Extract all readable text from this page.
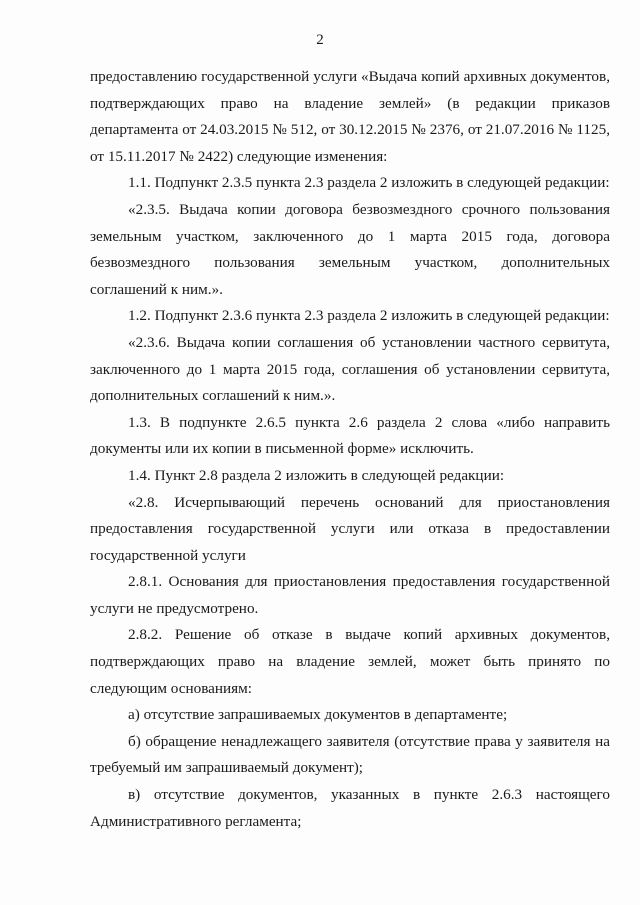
2
предоставлению государственной услуги «Выдача копий архивных документов,
подтверждающих право на владение землей» (в редакции приказов
департамента от 24.03.2015 № 512, от 30.12.2015 № 2376, от 21.07.2016 № 1125,
от 15.11.2017 № 2422) следующие изменения:
1.1. Подпункт 2.3.5 пункта 2.3 раздела 2 изложить в следующей редакции:
«2.3.5. Выдача копии договора безвозмездного срочного пользования
земельным участком, заключенного до 1 марта 2015 года, договора
безвозмездного пользования земельным участком, дополнительных
соглашений к ним.».
1.2. Подпункт 2.3.6 пункта 2.3 раздела 2 изложить в следующей редакции:
«2.3.6. Выдача копии соглашения об установлении частного сервитута,
заключенного до 1 марта 2015 года, соглашения об установлении сервитута,
дополнительных соглашений к ним.».
1.3. В подпункте 2.6.5 пункта 2.6 раздела 2 слова «либо направить
документы или их копии в письменной форме» исключить.
1.4. Пункт 2.8 раздела 2 изложить в следующей редакции:
«2.8. Исчерпывающий перечень оснований для приостановления
предоставления государственной услуги или отказа в предоставлении
государственной услуги
2.8.1. Основания для приостановления предоставления государственной
услуги не предусмотрено.
2.8.2. Решение об отказе в выдаче копий архивных документов,
подтверждающих право на владение землей, может быть принято по
следующим основаниям:
а) отсутствие запрашиваемых документов в департаменте;
б) обращение ненадлежащего заявителя (отсутствие права у заявителя на
требуемый им запрашиваемый документ);
в) отсутствие документов, указанных в пункте 2.6.3 настоящего
Административного регламента;
